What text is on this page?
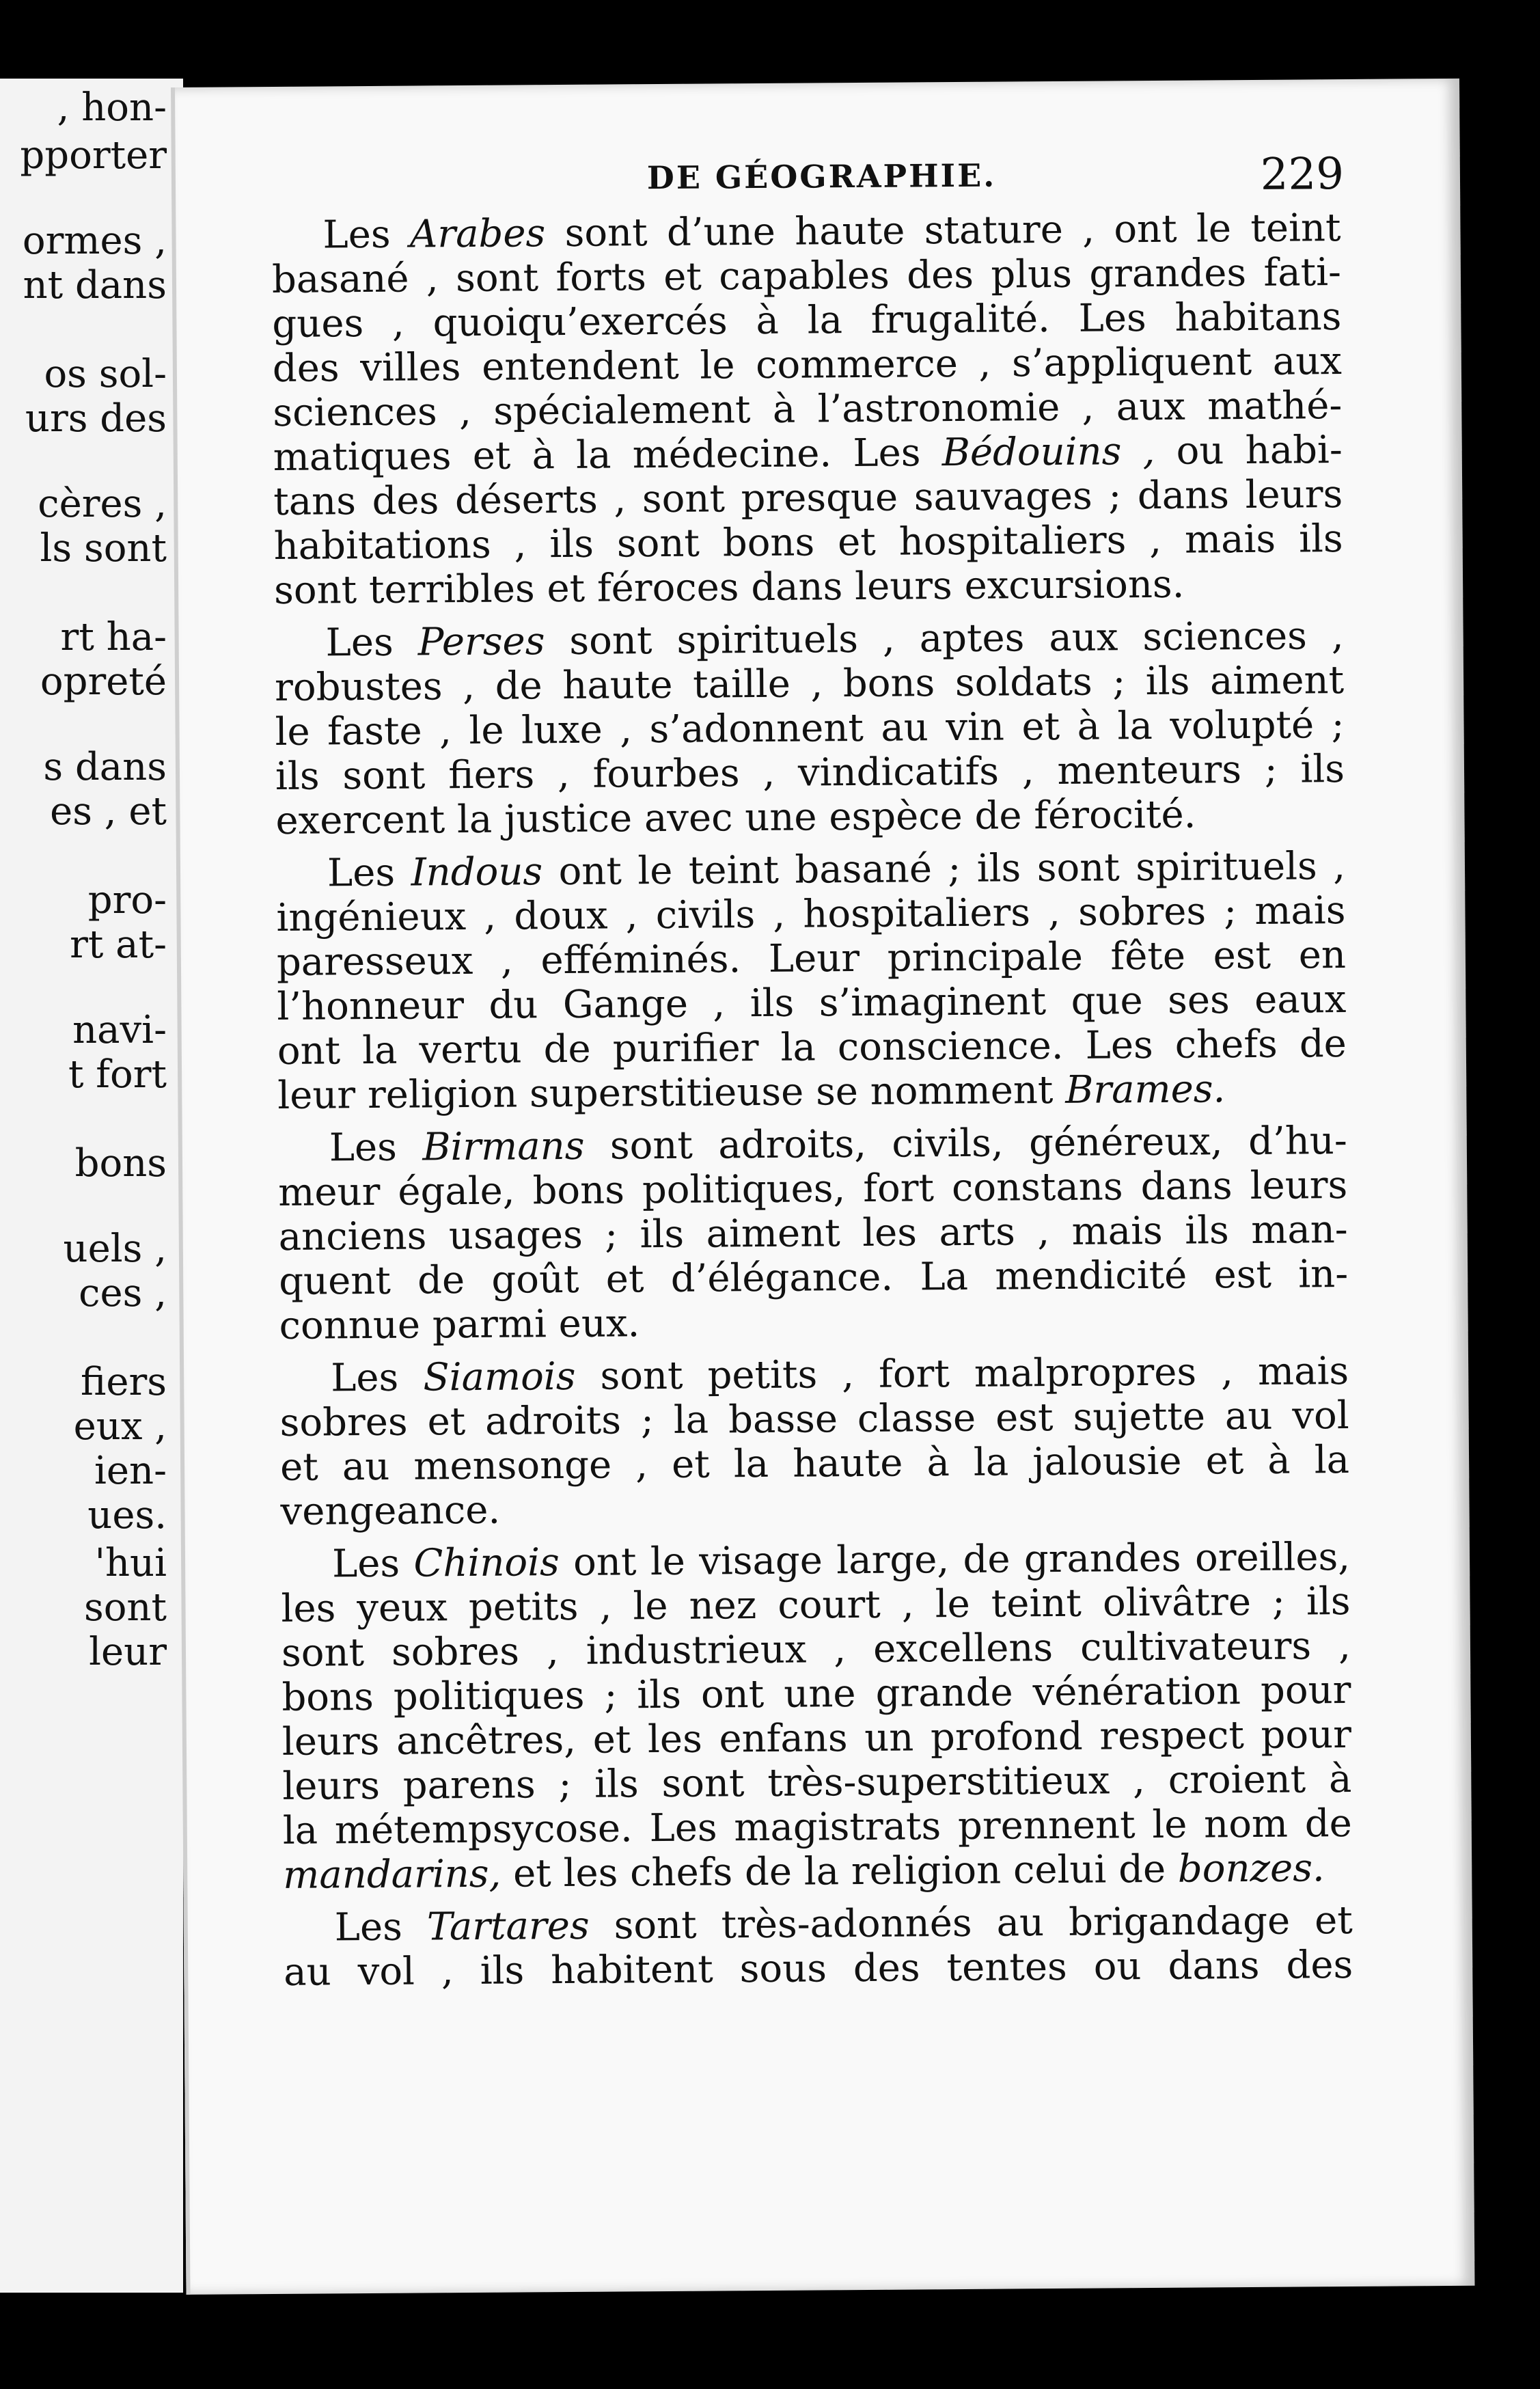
, hon-
pporter
ormes ,
nt dans
os sol-
urs des
cères ,
ls sont
rt ha-
opreté
s dans
es , et
pro-
rt at-
navi-
t fort
bons
uels ,
ces ,
fiers
eux ,
ien-
ues.
'hui
sont
leur
DE GÉOGRAPHIE.	229
Les Arabes sont d’une haute stature , ont le teint
basané , sont forts et capables des plus grandes fati-
gues , quoiqu’exercés à la frugalité. Les habitans
des villes entendent le commerce , s’appliquent aux
sciences , spécialement à l’astronomie , aux mathé-
matiques et à la médecine. Les Bédouins , ou habi-
tans des déserts , sont presque sauvages ; dans leurs
habitations , ils sont bons et hospitaliers , mais ils
sont terribles et féroces dans leurs excursions.
Les Perses sont spirituels , aptes aux sciences ,
robustes , de haute taille , bons soldats ; ils aiment
le faste , le luxe , s’adonnent au vin et à la volupté ;
ils sont fiers , fourbes , vindicatifs , menteurs ; ils
exercent la justice avec une espèce de férocité.
Les Indous ont le teint basané ; ils sont spirituels ,
ingénieux , doux , civils , hospitaliers , sobres ; mais
paresseux , efféminés. Leur principale fête est en
l’honneur du Gange , ils s’imaginent que ses eaux
ont la vertu de purifier la conscience. Les chefs de
leur religion superstitieuse se nomment Brames.
Les Birmans sont adroits, civils, généreux, d’hu-
meur égale, bons politiques, fort constans dans leurs
anciens usages ; ils aiment les arts , mais ils man-
quent de goût et d’élégance. La mendicité est in-
connue parmi eux.
Les Siamois sont petits , fort malpropres , mais
sobres et adroits ; la basse classe est sujette au vol
et au mensonge , et la haute à la jalousie et à la
vengeance.
Les Chinois ont le visage large, de grandes oreilles,
les yeux petits , le nez court , le teint olivâtre ; ils
sont sobres , industrieux , excellens cultivateurs ,
bons politiques ; ils ont une grande vénération pour
leurs ancêtres, et les enfans un profond respect pour
leurs parens ; ils sont très-superstitieux , croient à
la métempsycose. Les magistrats prennent le nom de
mandarins, et les chefs de la religion celui de bonzes.
Les Tartares sont très-adonnés au brigandage et
au vol , ils habitent sous des tentes ou dans des
